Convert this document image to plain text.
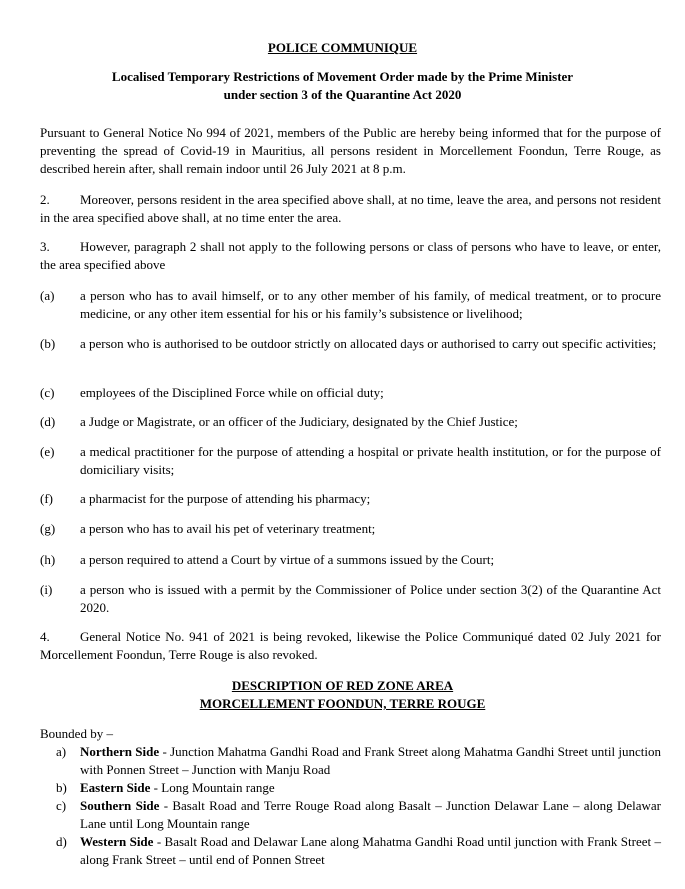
POLICE COMMUNIQUE
Localised Temporary Restrictions of Movement Order made by the Prime Minister
under section 3 of the Quarantine Act 2020
Pursuant to General Notice No 994 of 2021, members of the Public are hereby being informed that for the purpose of preventing the spread of Covid-19 in Mauritius, all persons resident in Morcellement Foondun, Terre Rouge, as described herein after, shall remain indoor until 26 July 2021 at 8 p.m.
2. Moreover, persons resident in the area specified above shall, at no time, leave the area, and persons not resident in the area specified above shall, at no time enter the area.
3. However, paragraph 2 shall not apply to the following persons or class of persons who have to leave, or enter, the area specified above
(a)	a person who has to avail himself, or to any other member of his family, of medical treatment, or to procure medicine, or any other item essential for his or his family’s subsistence or livelihood;
(b)	a person who is authorised to be outdoor strictly on allocated days or authorised to carry out specific activities;
(c)	employees of the Disciplined Force while on official duty;
(d)	a Judge or Magistrate, or an officer of the Judiciary, designated by the Chief Justice;
(e)	a medical practitioner for the purpose of attending a hospital or private health institution, or for the purpose of domiciliary visits;
(f)	a pharmacist for the purpose of attending his pharmacy;
(g)	a person who has to avail his pet of veterinary treatment;
(h)	a person required to attend a Court by virtue of a summons issued by the Court;
(i)	a person who is issued with a permit by the Commissioner of Police under section 3(2) of the Quarantine Act 2020.
4. General Notice No. 941 of 2021 is being revoked, likewise the Police Communiqué dated 02 July 2021 for Morcellement Foondun, Terre Rouge is also revoked.
DESCRIPTION OF RED ZONE AREA
MORCELLEMENT FOONDUN, TERRE ROUGE
Bounded by –
a)	Northern Side - Junction Mahatma Gandhi Road and Frank Street along Mahatma Gandhi Street until junction with Ponnen Street – Junction with Manju Road
b)	Eastern Side - Long Mountain range
c)	Southern Side - Basalt Road and Terre Rouge Road along Basalt – Junction Delawar Lane – along Delawar Lane until Long Mountain range
d)	Western Side - Basalt Road and Delawar Lane along Mahatma Gandhi Road until junction with Frank Street – along Frank Street – until end of Ponnen Street
